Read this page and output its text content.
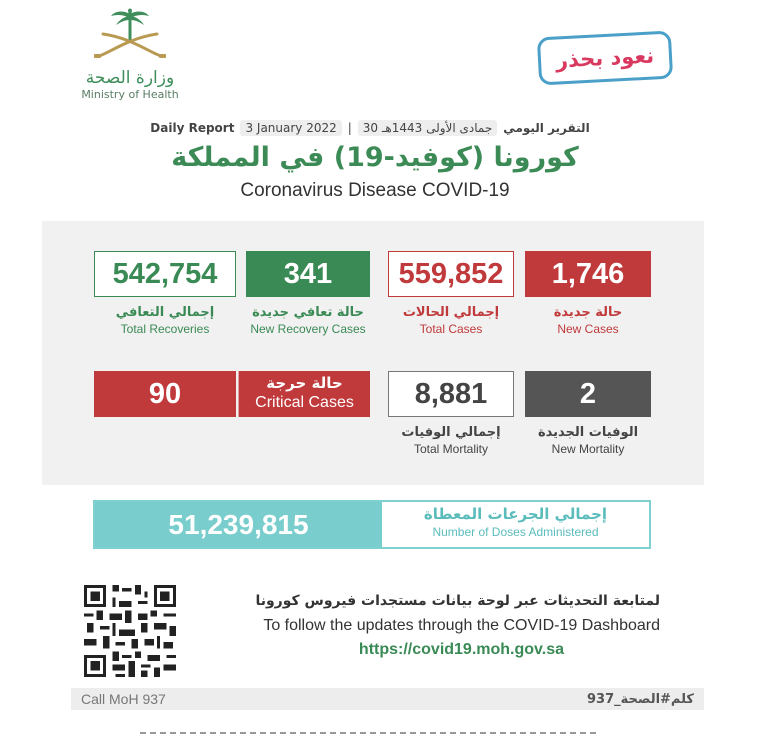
وزارة الصحة
Ministry of Health
نعود بحذر
Daily Report 3 January 2022 | 30 جمادى الأولى 1443هـ التقرير اليومي
كورونا (كوفيد-19) في المملكة
Coronavirus Disease COVID-19
1,746
حالة جديدة
New Cases
559,852
إجمالي الحالات
Total Cases
341
حالة تعافي جديدة
New Recovery Cases
542,754
إجمالي التعافي
Total Recoveries
2
الوفيات الجديدة
New Mortality
8,881
إجمالي الوفيات
Total Mortality
90	حالة حرجة
Critical Cases
51,239,815	إجمالي الجرعات المعطاة
Number of Doses Administered
لمتابعة التحديثات عبر لوحة بيانات مستجدات فيروس كورونا
To follow the updates through the COVID-19 Dashboard
https://covid19.moh.gov.sa
Call MoH 937	كلم#الصحة_937
